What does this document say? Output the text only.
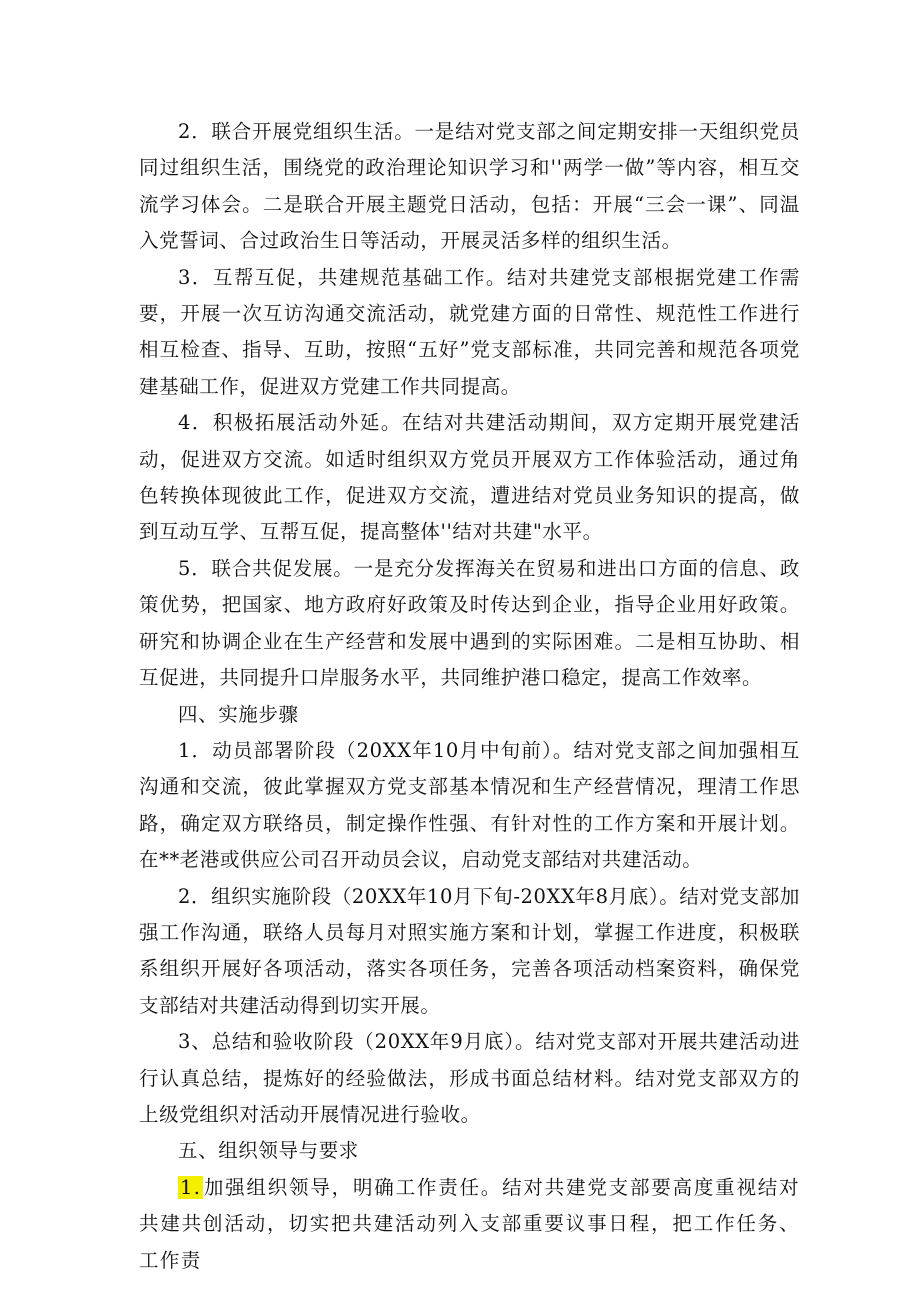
2．联合开展党组织生活。一是结对党支部之间定期安排一天组织党员同过组织生活，围绕党的政治理论知识学习和''两学一做”等内容，相互交流学习体会。二是联合开展主题党日活动，包括：开展“三会一课”、同温入党誓词、合过政治生日等活动，开展灵活多样的组织生活。

3．互帮互促，共建规范基础工作。结对共建党支部根据党建工作需要，开展一次互访沟通交流活动，就党建方面的日常性、规范性工作进行相互检查、指导、互助，按照“五好”党支部标准，共同完善和规范各项党建基础工作，促进双方党建工作共同提高。

4．积极拓展活动外延。在结对共建活动期间，双方定期开展党建活动，促进双方交流。如适时组织双方党员开展双方工作体验活动，通过角色转换体现彼此工作，促进双方交流，遭进结对党员业务知识的提高，做到互动互学、互帮互促，提高整体''结对共建"水平。

5．联合共促发展。一是充分发挥海关在贸易和进出口方面的信息、政策优势，把国家、地方政府好政策及时传达到企业，指导企业用好政策。研究和协调企业在生产经营和发展中遇到的实际困难。二是相互协助、相互促进，共同提升口岸服务水平，共同维护港口稳定，提高工作效率。

四、实施步骤

1．动员部署阶段（20XX年10月中旬前）。结对党支部之间加强相互沟通和交流，彼此掌握双方党支部基本情况和生产经营情况，理清工作思路，确定双方联络员，制定操作性强、有针对性的工作方案和开展计划。在**老港或供应公司召开动员会议，启动党支部结对共建活动。

2．组织实施阶段（20XX年10月下旬-20XX年8月底）。结对党支部加强工作沟通，联络人员每月对照实施方案和计划，掌握工作进度，积极联系组织开展好各项活动，落实各项任务，完善各项活动档案资料，确保党支部结对共建活动得到切实开展。

3、总结和验收阶段（20XX年9月底）。结对党支部对开展共建活动进行认真总结，提炼好的经验做法，形成书面总结材料。结对党支部双方的上级党组织对活动开展情况进行验收。

五、组织领导与要求

1. 加强组织领导，明确工作责任。结对共建党支部要高度重视结对共建共创活动，切实把共建活动列入支部重要议事日程，把工作任务、工作责
